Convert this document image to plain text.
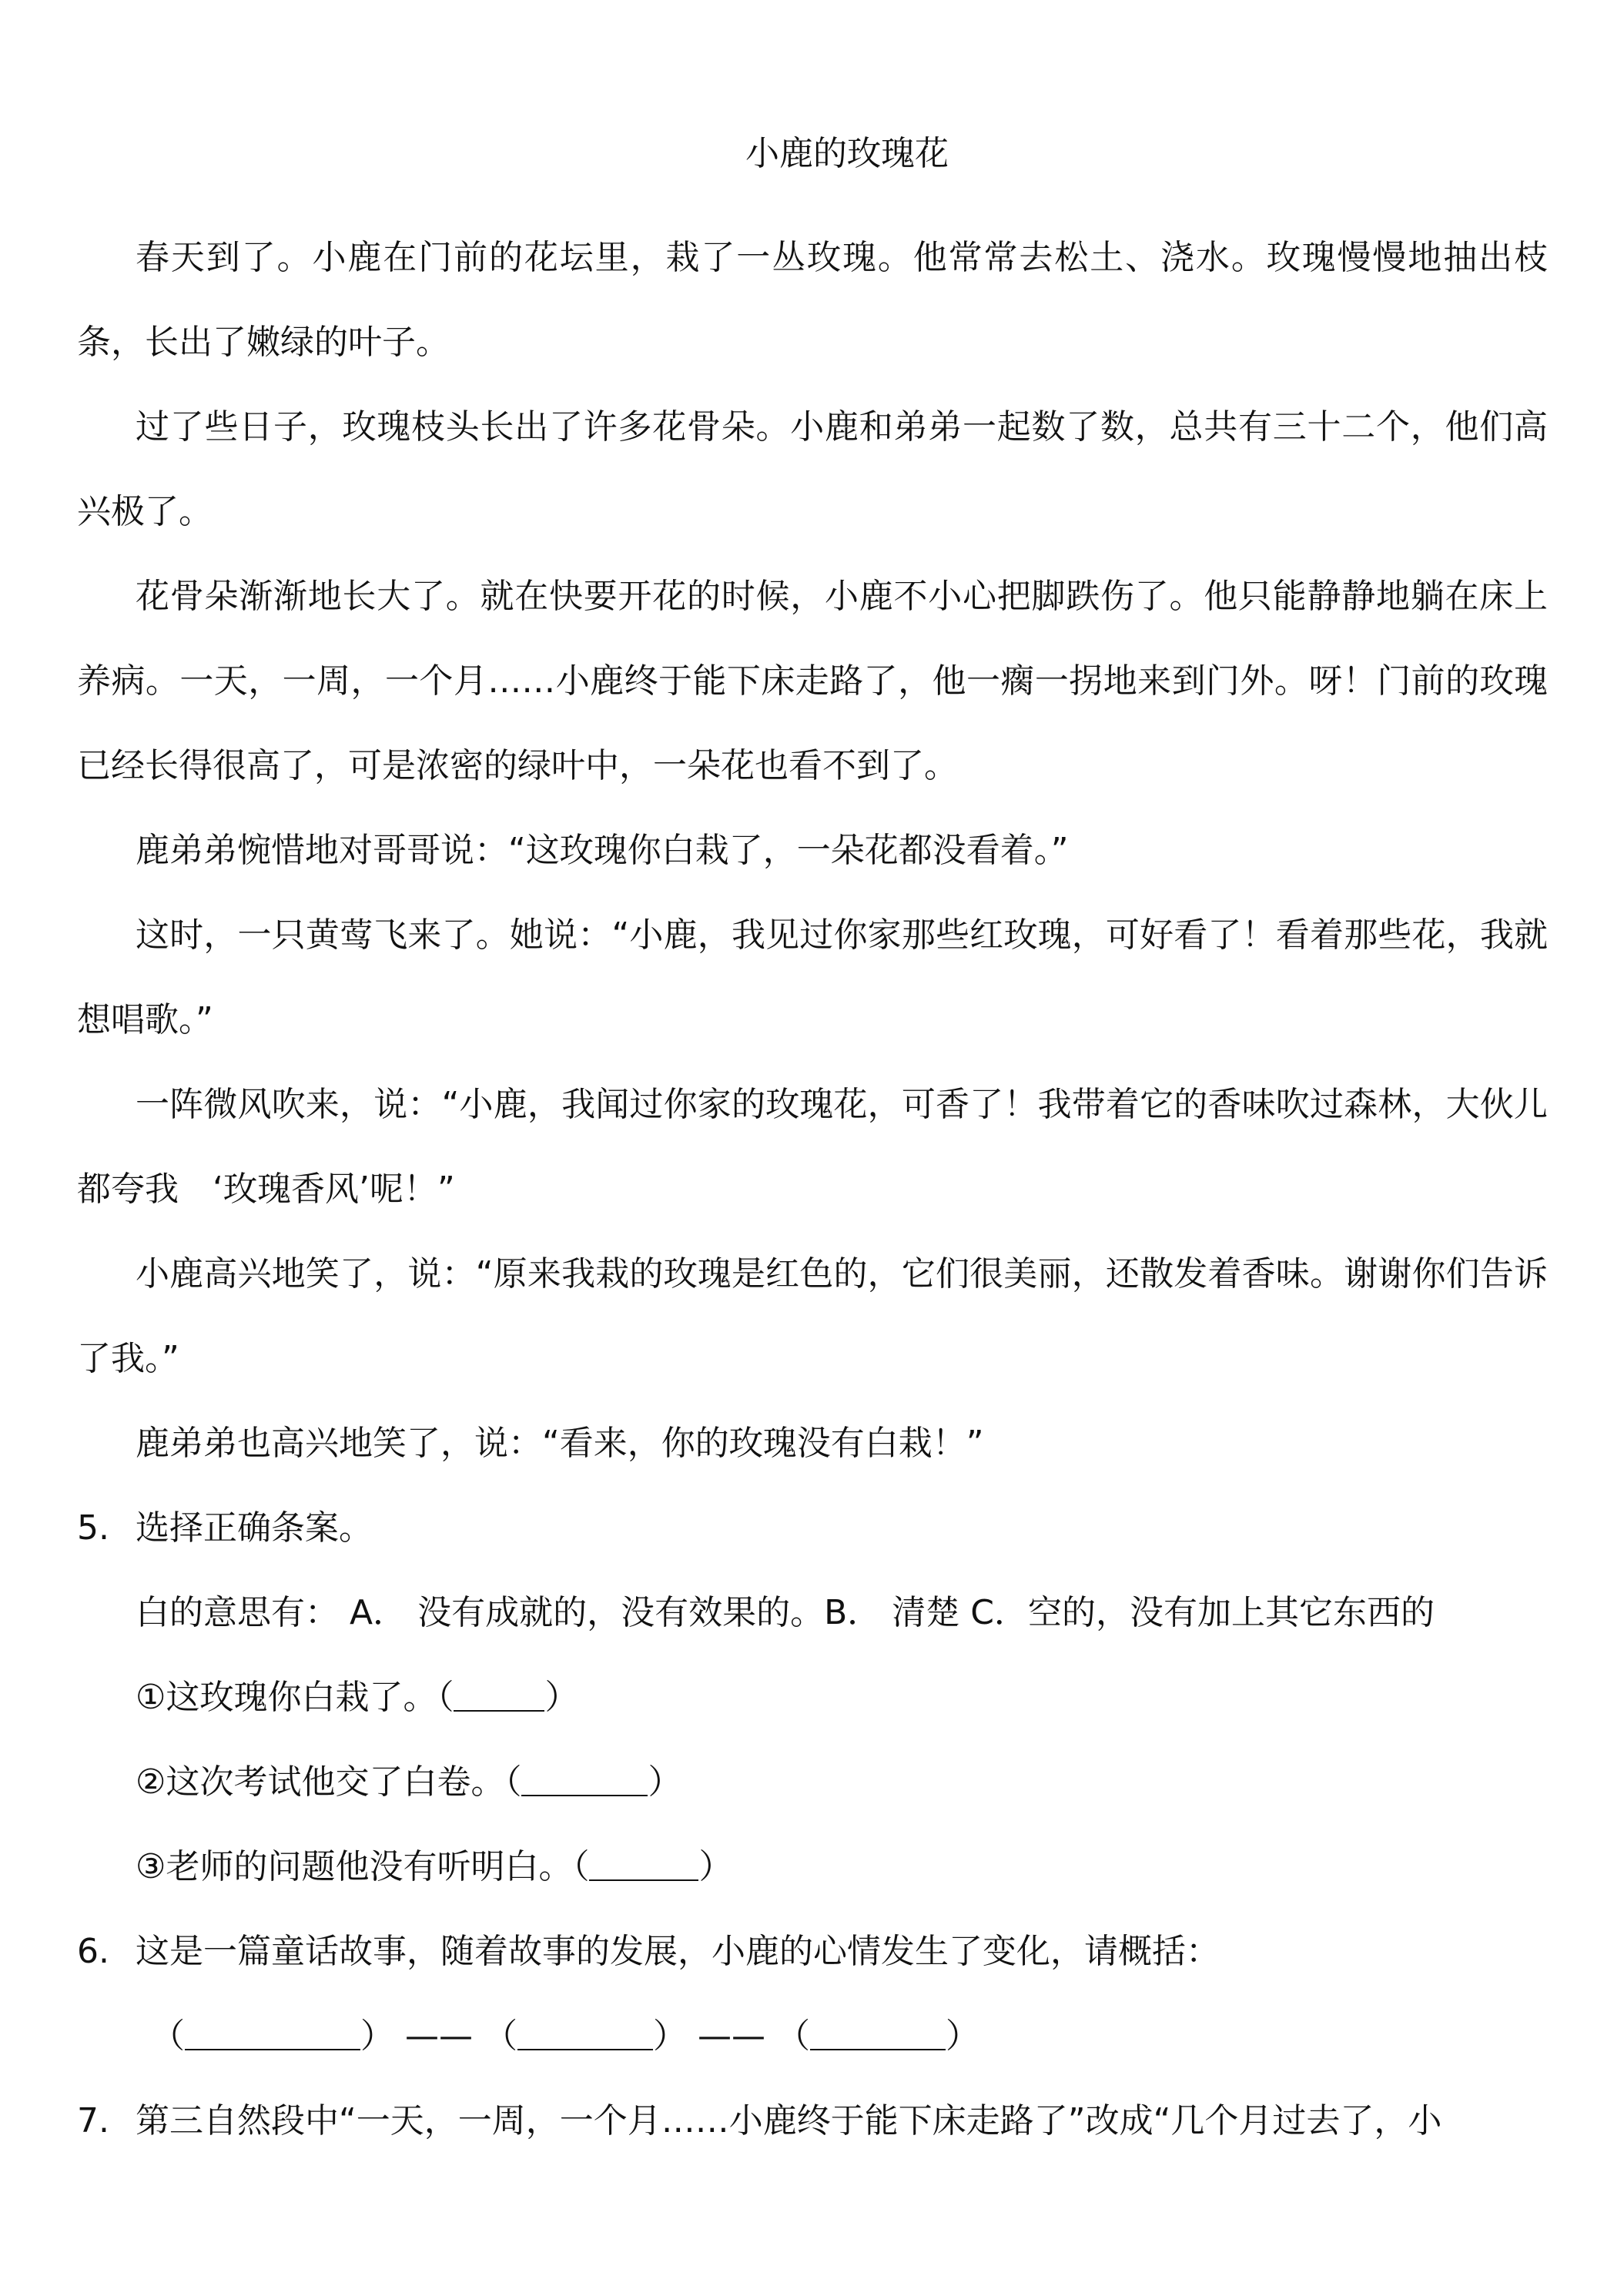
小鹿的玫瑰花

春天到了。小鹿在门前的花坛里，栽了一丛玫瑰。他常常去松土、浇水。玫瑰慢慢地抽出枝条，长出了嫩绿的叶子。

过了些日子，玫瑰枝头长出了许多花骨朵。小鹿和弟弟一起数了数，总共有三十二个，他们高兴极了。

花骨朵渐渐地长大了。就在快要开花的时候，小鹿不小心把脚跌伤了。他只能静静地躺在床上养病。一天，一周，一个月……小鹿终于能下床走路了，他一瘸一拐地来到门外。呀！门前的玫瑰已经长得很高了，可是浓密的绿叶中，一朵花也看不到了。

鹿弟弟惋惜地对哥哥说：“这玫瑰你白栽了，一朵花都没看着。”

这时，一只黄莺飞来了。她说：“小鹿，我见过你家那些红玫瑰，可好看了！看着那些花，我就想唱歌。”

一阵微风吹来，说：“小鹿，我闻过你家的玫瑰花，可香了！我带着它的香味吹过森林，大伙儿都夸我　‘玫瑰香风’呢！”

小鹿高兴地笑了，说：“原来我栽的玫瑰是红色的，它们很美丽，还散发着香味。谢谢你们告诉了我。”

鹿弟弟也高兴地笑了，说：“看来，你的玫瑰没有白栽！”

5. 选择正确条案。
白的意思有： A． 没有成就的，没有效果的。B． 清楚 C．空的，没有加上其它东西的
①这玫瑰你白栽了。（	）
②这次考试他交了白卷。（	）
③老师的问题他没有听明白。（	）
6. 这是一篇童话故事，随着故事的发展，小鹿的心情发生了变化，请概括：
（	） —— （	） —— （	）
7. 第三自然段中“一天，一周，一个月……小鹿终于能下床走路了”改成“几个月过去了，小
